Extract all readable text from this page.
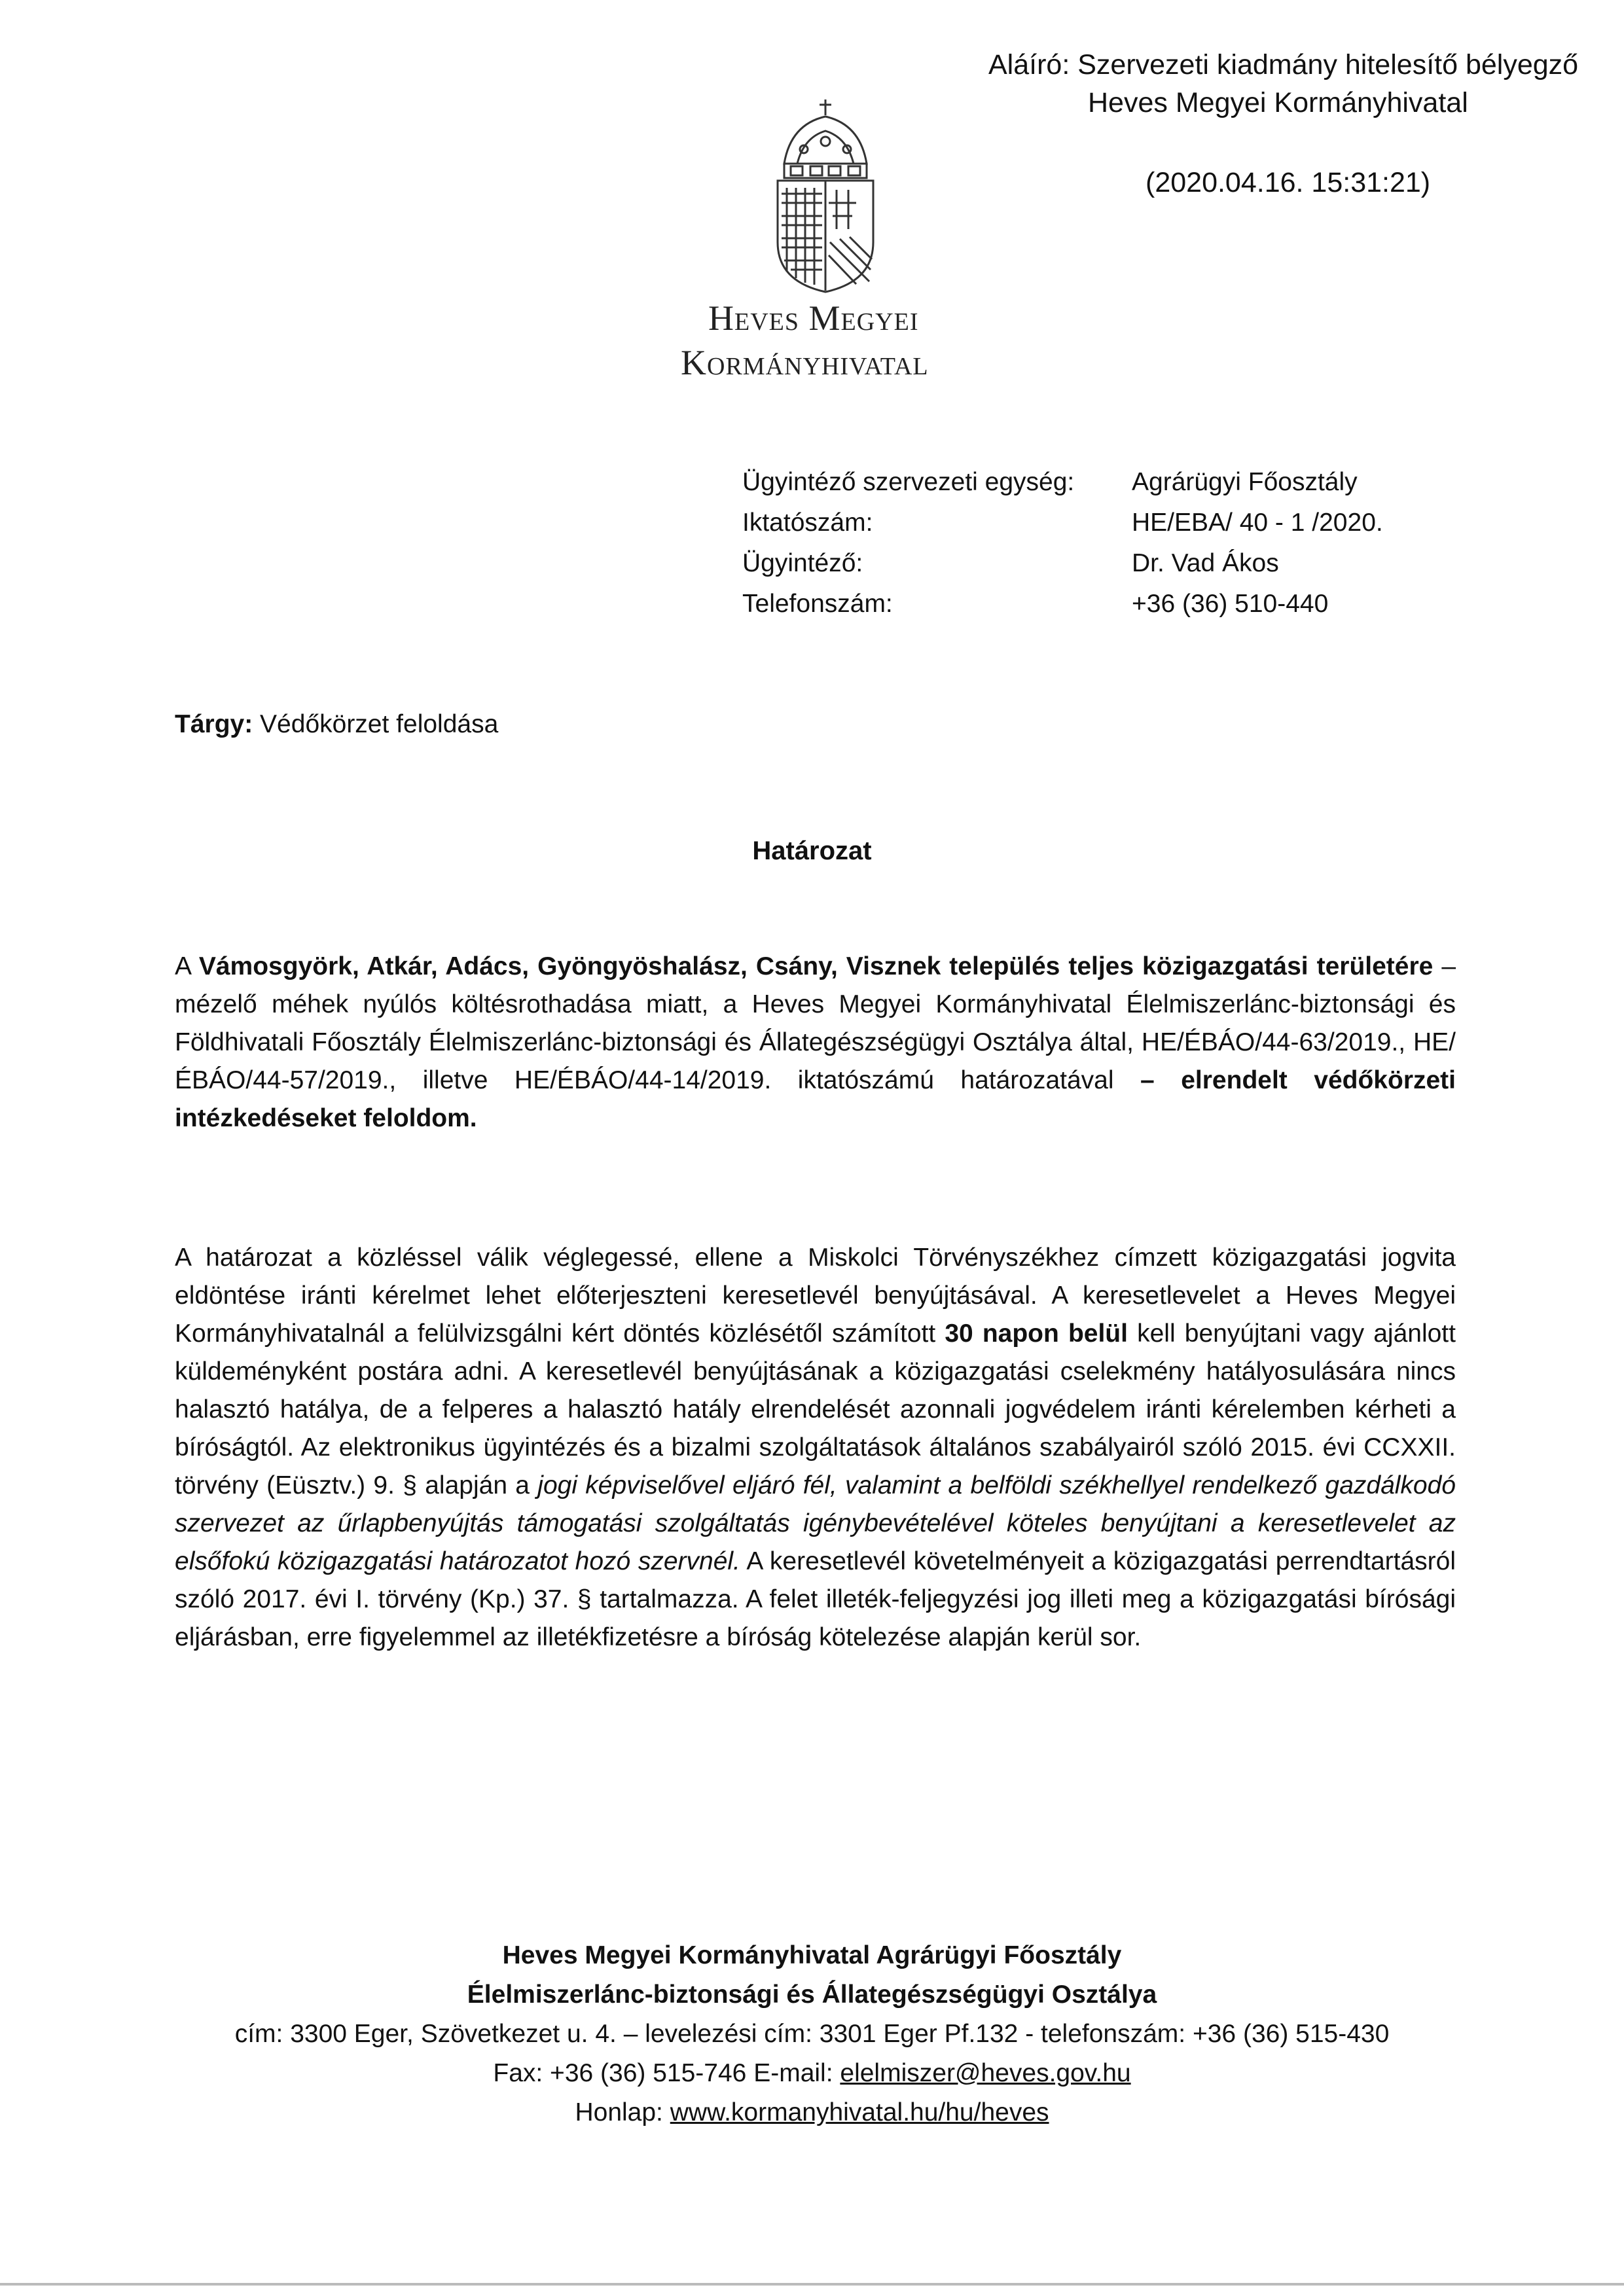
Aláíró: Szervezeti kiadmány hitelesítő bélyegző
Heves Megyei Kormányhivatal
(2020.04.16. 15:31:21)
Heves Megyei
Kormányhivatal
Ügyintéző szervezeti egység:	Agrárügyi Főosztály
Iktatószám:	HE/EBA/ 40 - 1 /2020.
Ügyintéző:	Dr. Vad Ákos
Telefonszám:	+36 (36) 510-440
Tárgy: Védőkörzet feloldása
Határozat
A Vámosgyörk, Atkár, Adács, Gyöngyöshalász, Csány, Visznek település teljes közigazgatási területére – mézelő méhek nyúlós költésrothadása miatt, a Heves Megyei Kormányhivatal Élelmiszerlánc-biztonsági és Földhivatali Főosztály Élelmiszerlánc-biztonsági és Állategészségügyi Osztálya által, HE/ÉBÁO/44-63/2019., HE/ÉBÁO/44-57/2019., illetve HE/ÉBÁO/44-14/2019. iktatószámú határozatával – elrendelt védőkörzeti intézkedéseket feloldom.
A határozat a közléssel válik véglegessé, ellene a Miskolci Törvényszékhez címzett közigazgatási jogvita eldöntése iránti kérelmet lehet előterjeszteni keresetlevél benyújtásával. A keresetlevelet a Heves Megyei Kormányhivatalnál a felülvizsgálni kért döntés közlésétől számított 30 napon belül kell benyújtani vagy ajánlott küldeményként postára adni. A keresetlevél benyújtásának a közigazgatási cselekmény hatályosulására nincs halasztó hatálya, de a felperes a halasztó hatály elrendelését azonnali jogvédelem iránti kérelemben kérheti a bíróságtól. Az elektronikus ügyintézés és a bizalmi szolgáltatások általános szabályairól szóló 2015. évi CCXXII. törvény (Eüsztv.) 9. § alapján a jogi képviselővel eljáró fél, valamint a belföldi székhellyel rendelkező gazdálkodó szervezet az űrlapbenyújtás támogatási szolgáltatás igénybevételével köteles benyújtani a keresetlevelet az elsőfokú közigazgatási határozatot hozó szervnél. A keresetlevél követelményeit a közigazgatási perrendtartásról szóló 2017. évi I. törvény (Kp.) 37. § tartalmazza. A felet illeték-feljegyzési jog illeti meg a közigazgatási bírósági eljárásban, erre figyelemmel az illetékfizetésre a bíróság kötelezése alapján kerül sor.
Heves Megyei Kormányhivatal Agrárügyi Főosztály
Élelmiszerlánc-biztonsági és Állategészségügyi Osztálya
cím: 3300 Eger, Szövetkezet u. 4. – levelezési cím: 3301 Eger Pf.132 - telefonszám: +36 (36) 515-430
Fax: +36 (36) 515-746 E-mail: elelmiszer@heves.gov.hu
Honlap: www.kormanyhivatal.hu/hu/heves
